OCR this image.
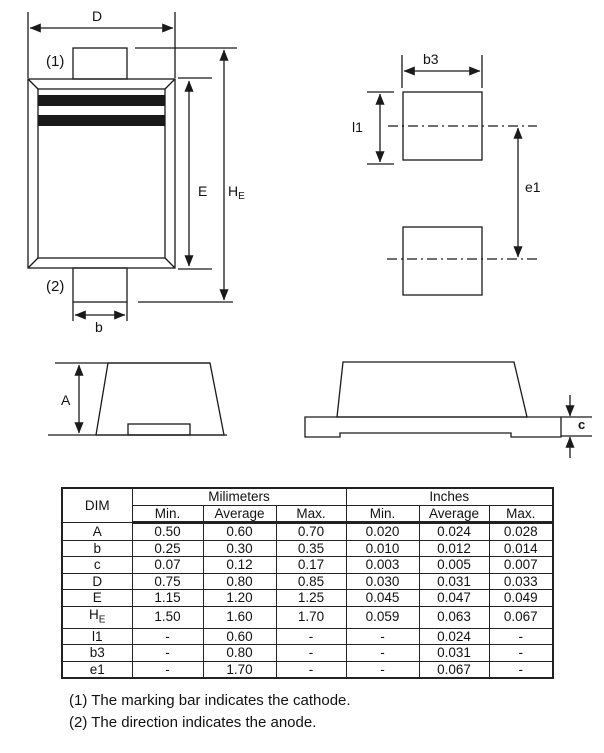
D
(1)
E $H_E$
(2)
b
b3
l1
e1
A
c
DIM	Milimeters			Inches		
	Min.	Average	Max.	Min.	Average	Max.
A	0.50	0.60	0.70	0.020	0.024	0.028
b	0.25	0.30	0.35	0.010	0.012	0.014
c	0.07	0.12	0.17	0.003	0.005	0.007
D	0.75	0.80	0.85	0.030	0.031	0.033
E	1.15	1.20	1.25	0.045	0.047	0.049
$H_E$	1.50	1.60	1.70	0.059	0.063	0.067
l1	-	0.60	-	-	0.024	-
b3	-	0.80	-	-	0.031	-
e1	-	1.70	-	-	0.067	-
(1) The marking bar indicates the cathode.
(2) The direction indicates the anode.
